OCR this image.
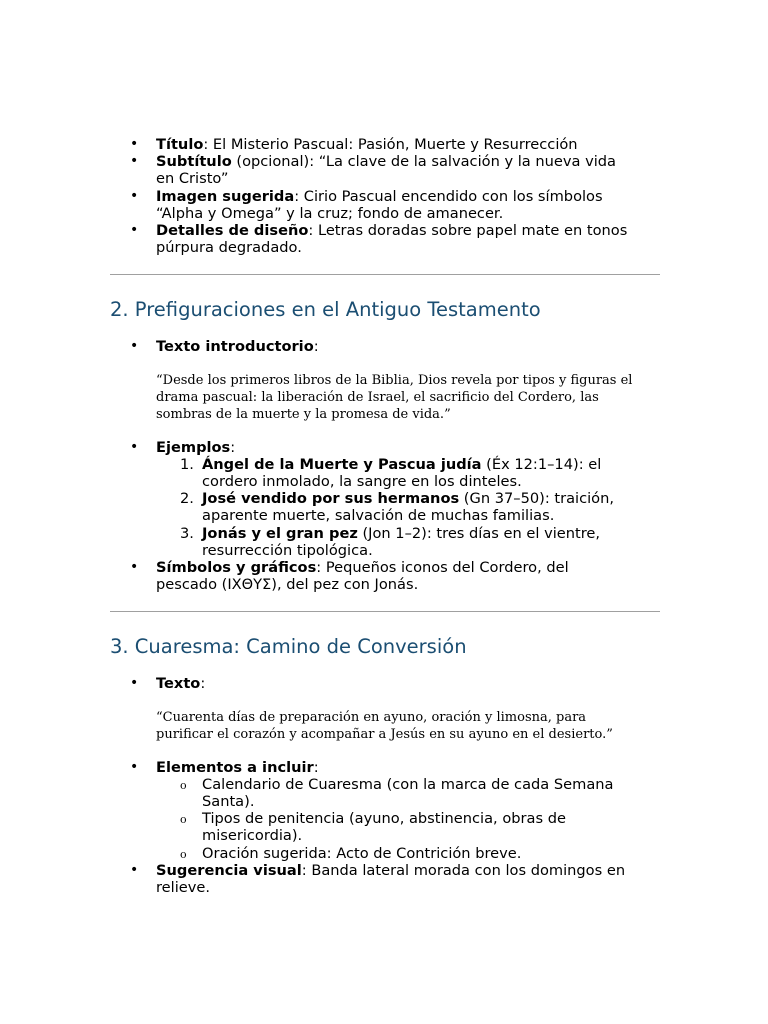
• Título: El Misterio Pascual: Pasión, Muerte y Resurrección
• Subtítulo (opcional): “La clave de la salvación y la nueva vida en Cristo”
• Imagen sugerida: Cirio Pascual encendido con los símbolos “Alpha y Omega” y la cruz; fondo de amanecer.
• Detalles de diseño: Letras doradas sobre papel mate en tonos púrpura degradado.
2. Prefiguraciones en el Antiguo Testamento
• Texto introductorio:
“Desde los primeros libros de la Biblia, Dios revela por tipos y figuras el drama pascual: la liberación de Israel, el sacrificio del Cordero, las sombras de la muerte y la promesa de vida.”
• Ejemplos:
1. Ángel de la Muerte y Pascua judía (Éx 12:1–14): el cordero inmolado, la sangre en los dinteles.
2. José vendido por sus hermanos (Gn 37–50): traición, aparente muerte, salvación de muchas familias.
3. Jonás y el gran pez (Jon 1–2): tres días en el vientre, resurrección tipológica.
• Símbolos y gráficos: Pequeños iconos del Cordero, del pescado (ΙΧΘΥΣ), del pez con Jonás.
3. Cuaresma: Camino de Conversión
• Texto:
“Cuarenta días de preparación en ayuno, oración y limosna, para purificar el corazón y acompañar a Jesús en su ayuno en el desierto.”
• Elementos a incluir:
o Calendario de Cuaresma (con la marca de cada Semana Santa).
o Tipos de penitencia (ayuno, abstinencia, obras de misericordia).
o Oración sugerida: Acto de Contrición breve.
• Sugerencia visual: Banda lateral morada con los domingos en relieve.
